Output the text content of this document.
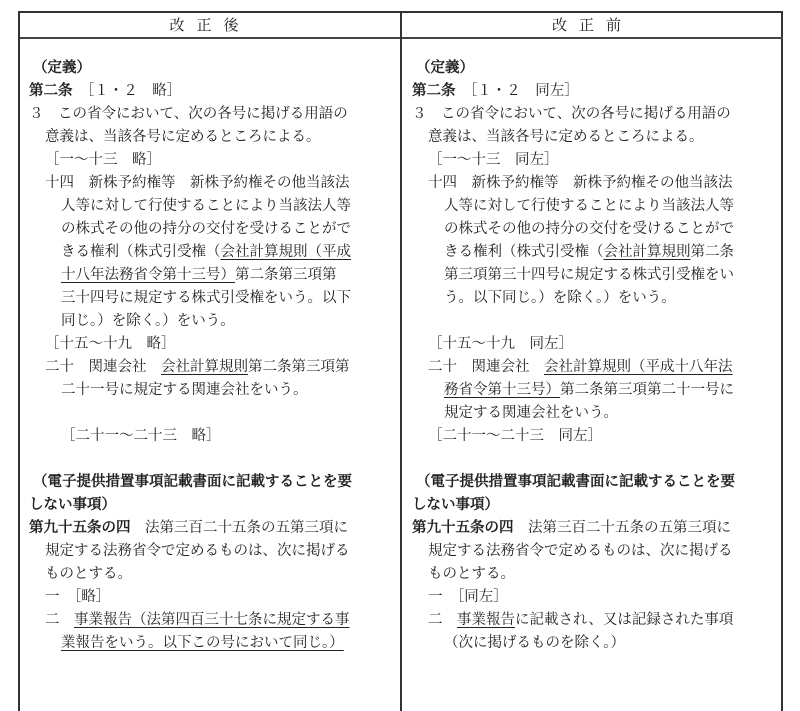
改正後	改正前
（定義）
第二条　［１・２　略］
３　この省令において、次の各号に掲げる用語の
意義は、当該各号に定めるところによる。
［一～十三　略］
十四　新株予約権等　新株予約権その他当該法
人等に対して行使することにより当該法人等
の株式その他の持分の交付を受けることがで
きる権利（株式引受権（会社計算規則（平成
十八年法務省令第十三号）第二条第三項第
三十四号に規定する株式引受権をいう。以下
同じ。）を除く。）をいう。
［十五～十九　略］
二十　関連会社　会社計算規則第二条第三項第
二十一号に規定する関連会社をいう。
［二十一～二十三　略］
（電子提供措置事項記載書面に記載することを要
しない事項）
第九十五条の四　法第三百二十五条の五第三項に
規定する法務省令で定めるものは、次に掲げる
ものとする。
一　［略］
二　事業報告（法第四百三十七条に規定する事
業報告をいう。以下この号において同じ。）
（定義）
第二条　［１・２　同左］
３　この省令において、次の各号に掲げる用語の
意義は、当該各号に定めるところによる。
［一～十三　同左］
十四　新株予約権等　新株予約権その他当該法
人等に対して行使することにより当該法人等
の株式その他の持分の交付を受けることがで
きる権利（株式引受権（会社計算規則第二条
第三項第三十四号に規定する株式引受権をい
う。以下同じ。）を除く。）をいう。
［十五～十九　同左］
二十　関連会社　会社計算規則（平成十八年法
務省令第十三号）第二条第三項第二十一号に
規定する関連会社をいう。
［二十一～二十三　同左］
（電子提供措置事項記載書面に記載することを要
しない事項）
第九十五条の四　法第三百二十五条の五第三項に
規定する法務省令で定めるものは、次に掲げる
ものとする。
一　［同左］
二　事業報告に記載され、又は記録された事項
（次に掲げるものを除く。）
